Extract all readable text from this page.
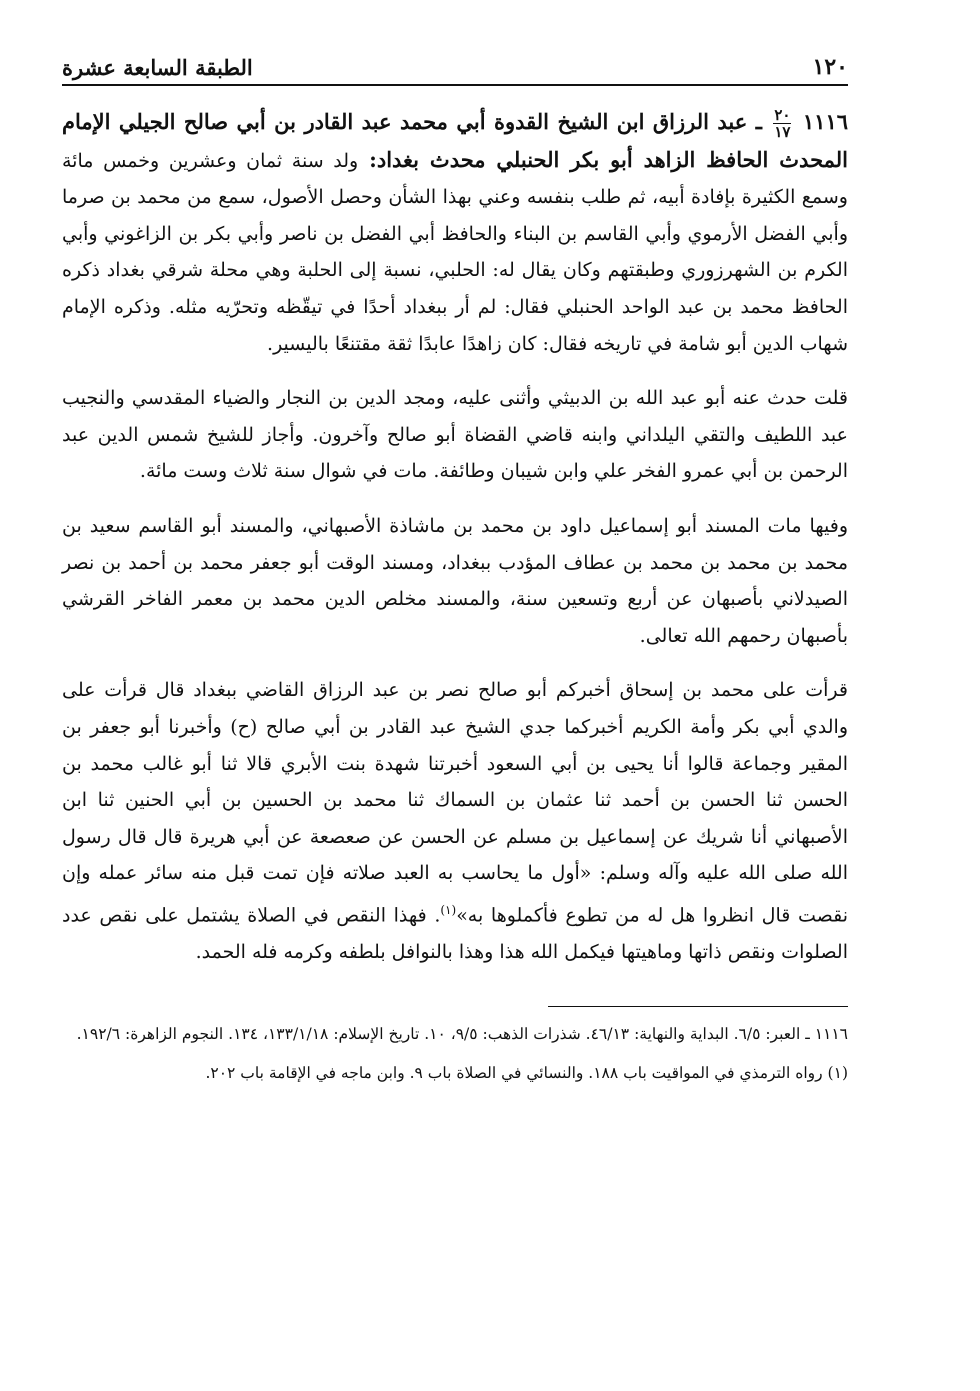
١٢٠
الطبقة السابعة عشرة
١١١٦
$\frac{٢٠}{١٧}$
ـ عبد الرزاق ابن الشيخ القدوة أبي محمد عبد القادر بن أبي صالح الجيلي الإمام المحدث الحافظ الزاهد أبو بكر الحنبلي محدث بغداد: ولد سنة ثمان وعشرين وخمس مائة وسمع الكثيرة بإفادة أبيه، ثم طلب بنفسه وعني بهذا الشأن وحصل الأصول، سمع من محمد بن صرما وأبي الفضل الأرموي وأبي القاسم بن البناء والحافظ أبي الفضل بن ناصر وأبي بكر بن الزاغوني وأبي الكرم بن الشهرزوري وطبقتهم وكان يقال له: الحلبي، نسبة إلى الحلبة وهي محلة شرقي بغداد ذكره الحافظ محمد بن عبد الواحد الحنبلي فقال: لم أر ببغداد أحدًا في تيقّظه وتحرّيه مثله. وذكره الإمام شهاب الدين أبو شامة في تاريخه فقال: كان زاهدًا عابدًا ثقة مقتنعًا باليسير.

قلت حدث عنه أبو عبد الله بن الدبيثي وأثنى عليه، ومجد الدين بن النجار والضياء المقدسي والنجيب عبد اللطيف والتقي اليلداني وابنه قاضي القضاة أبو صالح وآخرون. وأجاز للشيخ شمس الدين عبد الرحمن بن أبي عمرو الفخر علي وابن شيبان وطائفة. مات في شوال سنة ثلاث وست مائة.

وفيها مات المسند أبو إسماعيل داود بن محمد بن ماشاذة الأصبهاني، والمسند أبو القاسم سعيد بن محمد بن محمد بن محمد بن عطاف المؤدب ببغداد، ومسند الوقت أبو جعفر محمد بن أحمد بن نصر الصيدلاني بأصبهان عن أربع وتسعين سنة، والمسند مخلص الدين محمد بن معمر الفاخر القرشي بأصبهان رحمهم الله تعالى.

قرأت على محمد بن إسحاق أخبركم أبو صالح نصر بن عبد الرزاق القاضي ببغداد قال قرأت على والدي أبي بكر وأمة الكريم أخبركما جدي الشيخ عبد القادر بن أبي صالح (ح) وأخبرنا أبو جعفر بن المقير وجماعة قالوا أنا يحيى بن أبي السعود أخبرتنا شهدة بنت الأبري قالا ثنا أبو غالب محمد بن الحسن ثنا الحسن بن أحمد ثنا عثمان بن السماك ثنا محمد بن الحسين بن أبي الحنين ثنا ابن الأصبهاني أنا شريك عن إسماعيل بن مسلم عن الحسن عن صعصعة عن أبي هريرة قال قال رسول الله صلى الله عليه وآله وسلم: «أول ما يحاسب به العبد صلاته فإن تمت قبل منه سائر عمله وإن نقصت قال انظروا هل له من تطوع فأكملوها به»$^{(١)}$. فهذا النقص في الصلاة يشتمل على نقص عدد الصلوات ونقص ذاتها وماهيتها فيكمل الله هذا وهذا بالنوافل بلطفه وكرمه فله الحمد.

١١١٦ ـ العبر: ٦/٥. البداية والنهاية: ٤٦/١٣. شذرات الذهب: ٩/٥، ١٠. تاريخ الإسلام: ١٣٣/١/١٨، ١٣٤. النجوم الزاهرة: ١٩٢/٦.
(١) رواه الترمذي في المواقيت باب ١٨٨. والنسائي في الصلاة باب ٩. وابن ماجه في الإقامة باب ٢٠٢.
